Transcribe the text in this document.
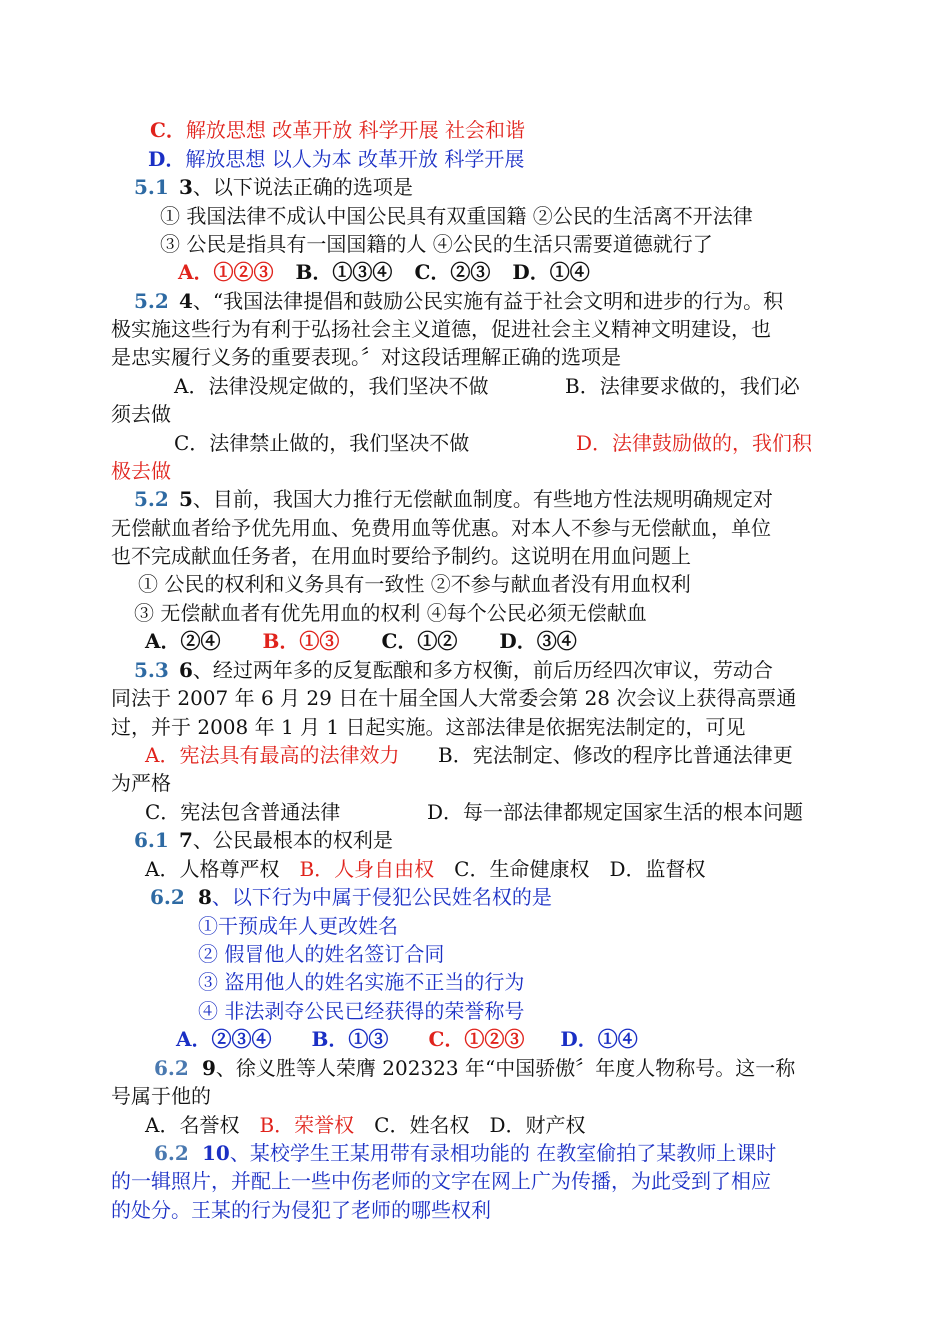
C．解放思想 改革开放 科学开展 社会和谐
D．解放思想 以人为本 改革开放 科学开展
5.1 3、以下说法正确的选项是
① 我国法律不成认中国公民具有双重国籍 ②公民的生活离不开法律
③ 公民是指具有一国国籍的人 ④公民的生活只需要道德就行了
A．①②③ B．①③④ C．②③ D．①④
5.2 4、“我国法律提倡和鼓励公民实施有益于社会文明和进步的行为。积
极实施这些行为有利于弘扬社会主义道德，促进社会主义精神文明建设，也
是忠实履行义务的重要表现。〞对这段话理解正确的选项是
A．法律没规定做的，我们坚决不做	B．法律要求做的，我们必
须去做
C．法律禁止做的，我们坚决不做	D．法律鼓励做的，我们积
极去做
5.2 5、目前，我国大力推行无偿献血制度。有些地方性法规明确规定对
无偿献血者给予优先用血、免费用血等优惠。对本人不参与无偿献血，单位
也不完成献血任务者，在用血时要给予制约。这说明在用血问题上
① 公民的权利和义务具有一致性 ②不参与献血者没有用血权利
③ 无偿献血者有优先用血的权利 ④每个公民必须无偿献血
A．②④ B．①③ C．①② D．③④
5.3 6、经过两年多的反复酝酿和多方权衡，前后历经四次审议，劳动合
同法于 2007 年 6 月 29 日在十届全国人大常委会第 28 次会议上获得高票通
过，并于 2008 年 1 月 1 日起实施。这部法律是依据宪法制定的，可见
A．宪法具有最高的法律效力 B．宪法制定、修改的程序比普通法律更
为严格
C．宪法包含普通法律	D．每一部法律都规定国家生活的根本问题
6.1 7、公民最根本的权利是
A．人格尊严权 B．人身自由权 C．生命健康权 D．监督权
6.2 8、以下行为中属于侵犯公民姓名权的是
①干预成年人更改姓名
② 假冒他人的姓名签订合同
③ 盗用他人的姓名实施不正当的行为
④ 非法剥夺公民已经获得的荣誉称号
A．②③④ B．①③ C．①②③ D．①④
6.2 9、徐义胜等人荣膺 202323 年“中国骄傲〞年度人物称号。这一称
号属于他的
A．名誉权 B．荣誉权 C．姓名权 D．财产权
6.2 10、某校学生王某用带有录相功能的 在教室偷拍了某教师上课时
的一辑照片，并配上一些中伤老师的文字在网上广为传播，为此受到了相应
的处分。王某的行为侵犯了老师的哪些权利
